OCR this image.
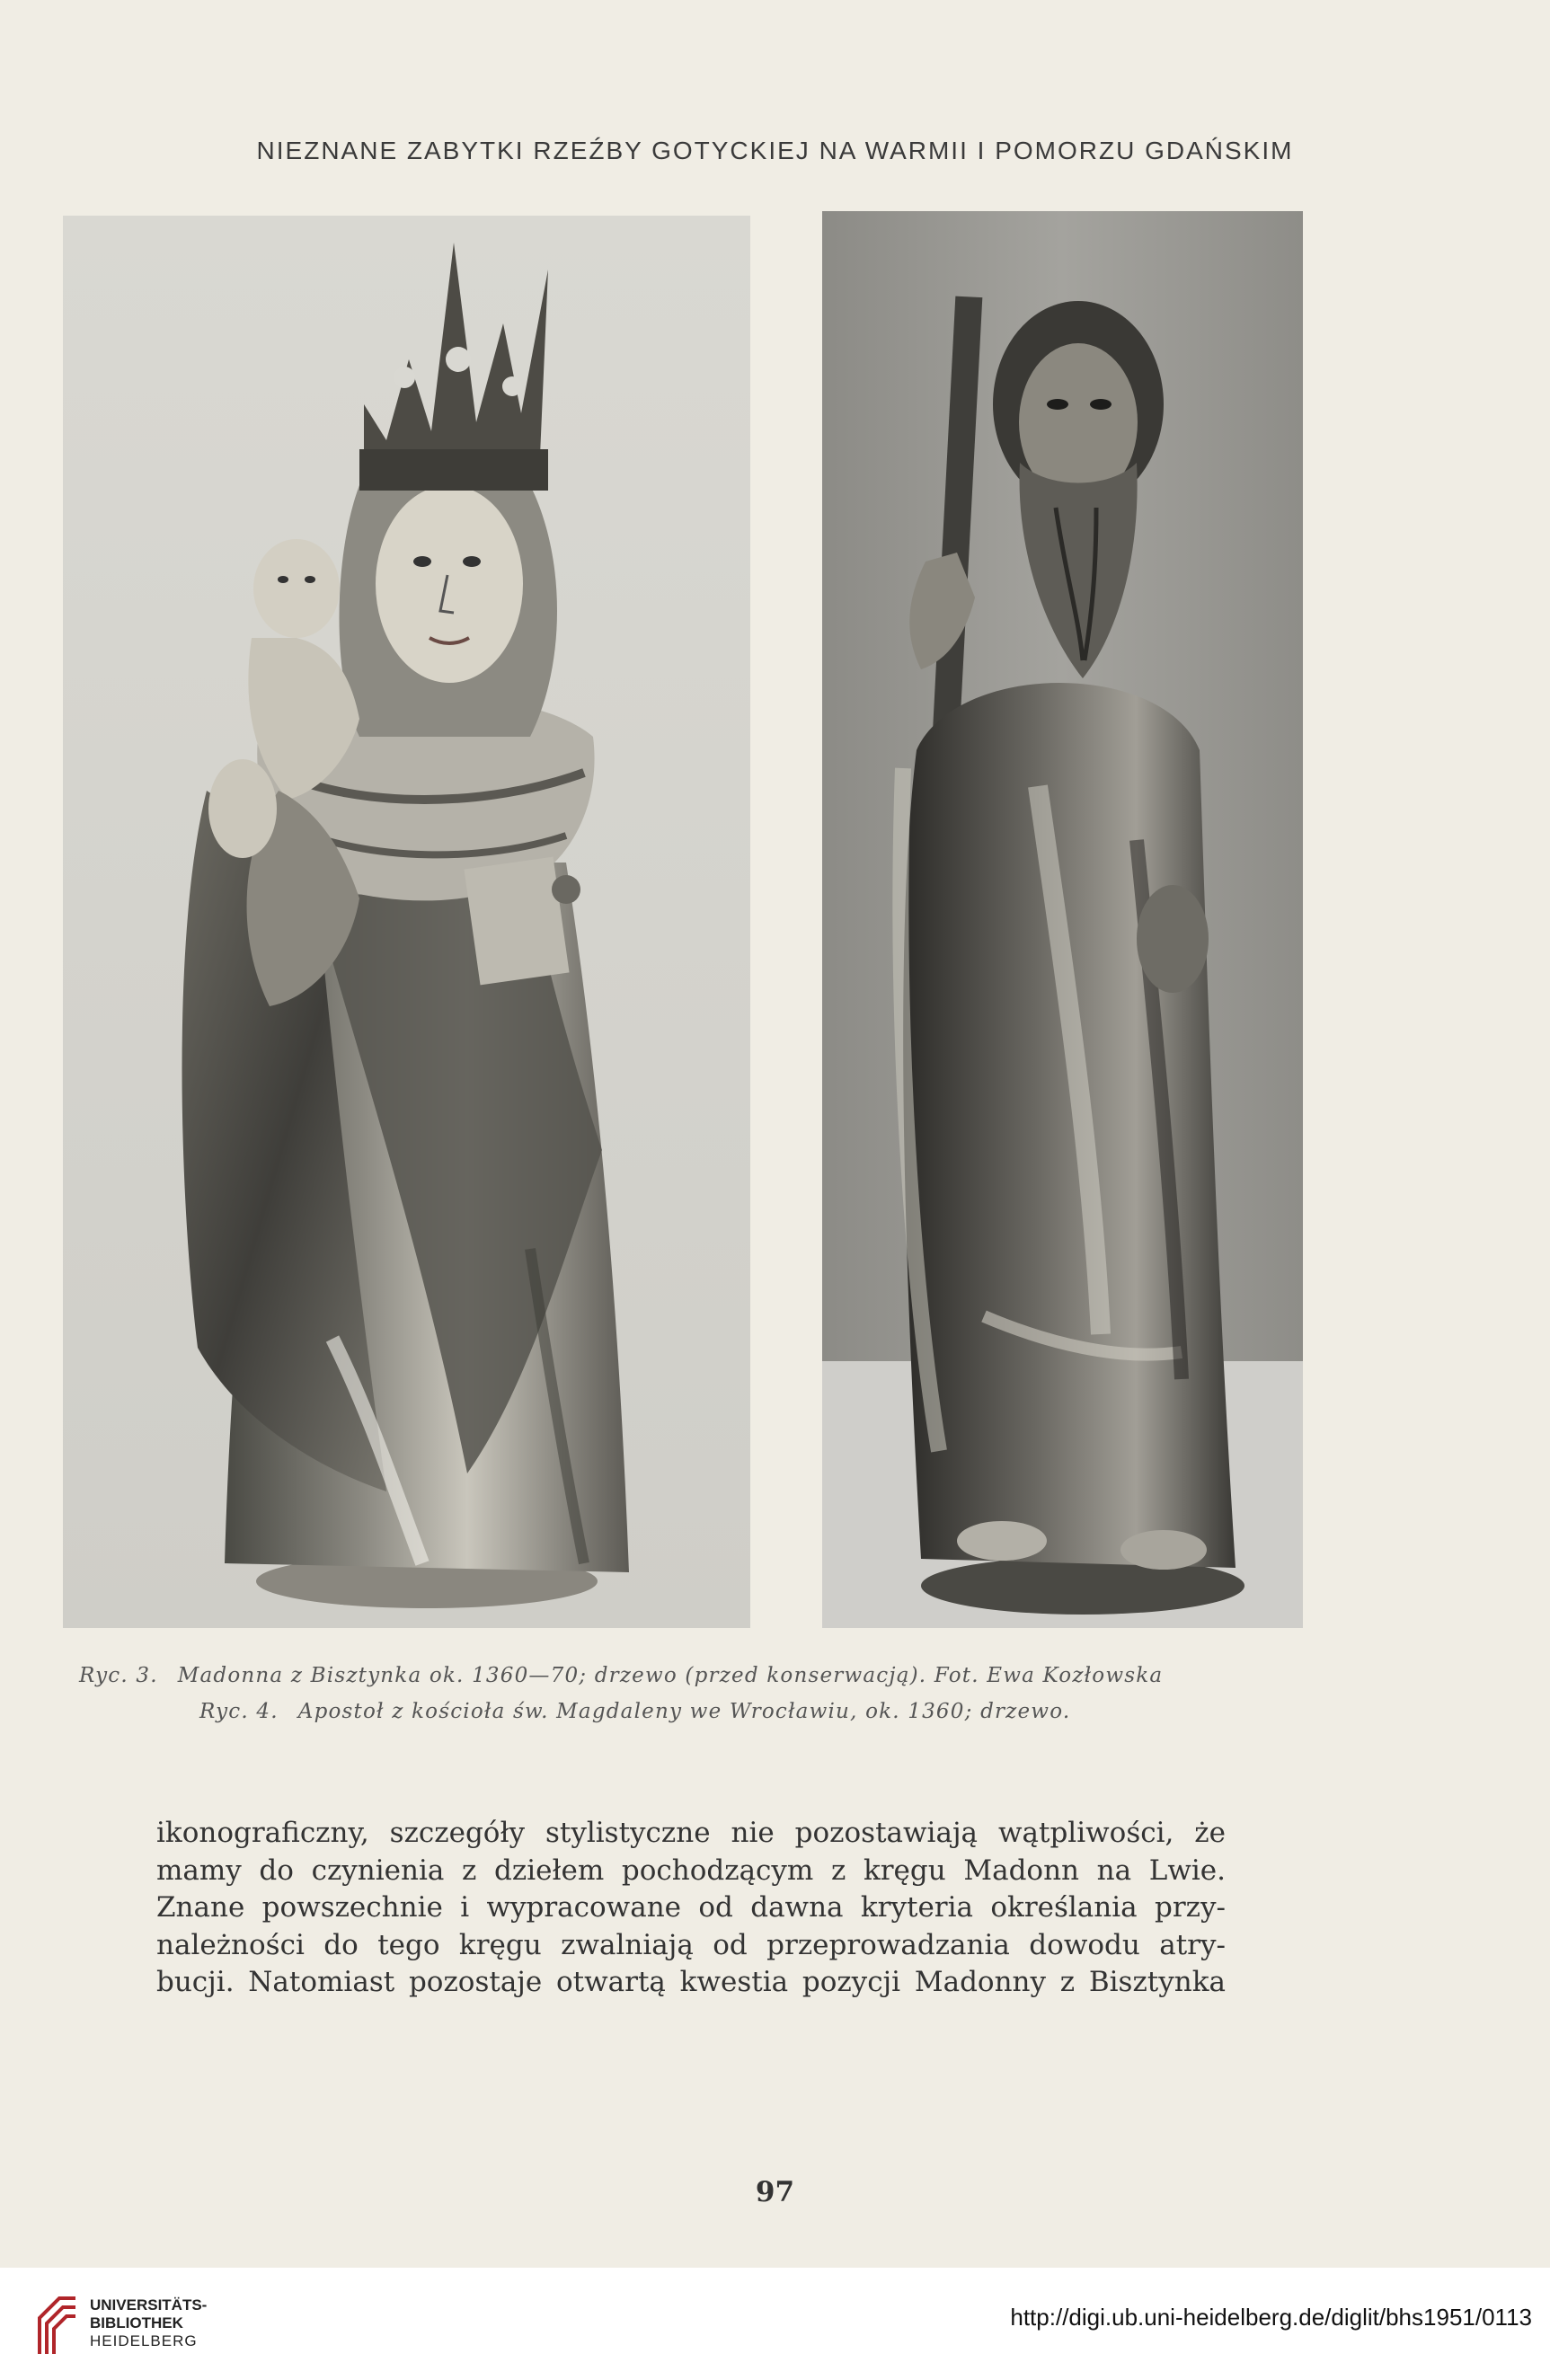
NIEZNANE ZABYTKI RZEŹBY GOTYCKIEJ NA WARMII I POMORZU GDAŃSKIM
Ryc. 3. Madonna z Bisztynka ok. 1360—70; drzewo (przed konserwacją). Fot. Ewa Kozłowska
Ryc. 4. Apostoł z kościoła św. Magdaleny we Wrocławiu, ok. 1360; drzewo.
ikonograficzny, szczegóły stylistyczne nie pozostawiają wątpliwości, że
mamy do czynienia z dziełem pochodzącym z kręgu Madonn na Lwie.
Znane powszechnie i wypracowane od dawna kryteria określania przy-
należności do tego kręgu zwalniają od przeprowadzania dowodu atry-
bucji. Natomiast pozostaje otwartą kwestia pozycji Madonny z Bisztynka
97
UNIVERSITÄTS-
BIBLIOTHEK
HEIDELBERG
http://digi.ub.uni-heidelberg.de/diglit/bhs1951/0113
